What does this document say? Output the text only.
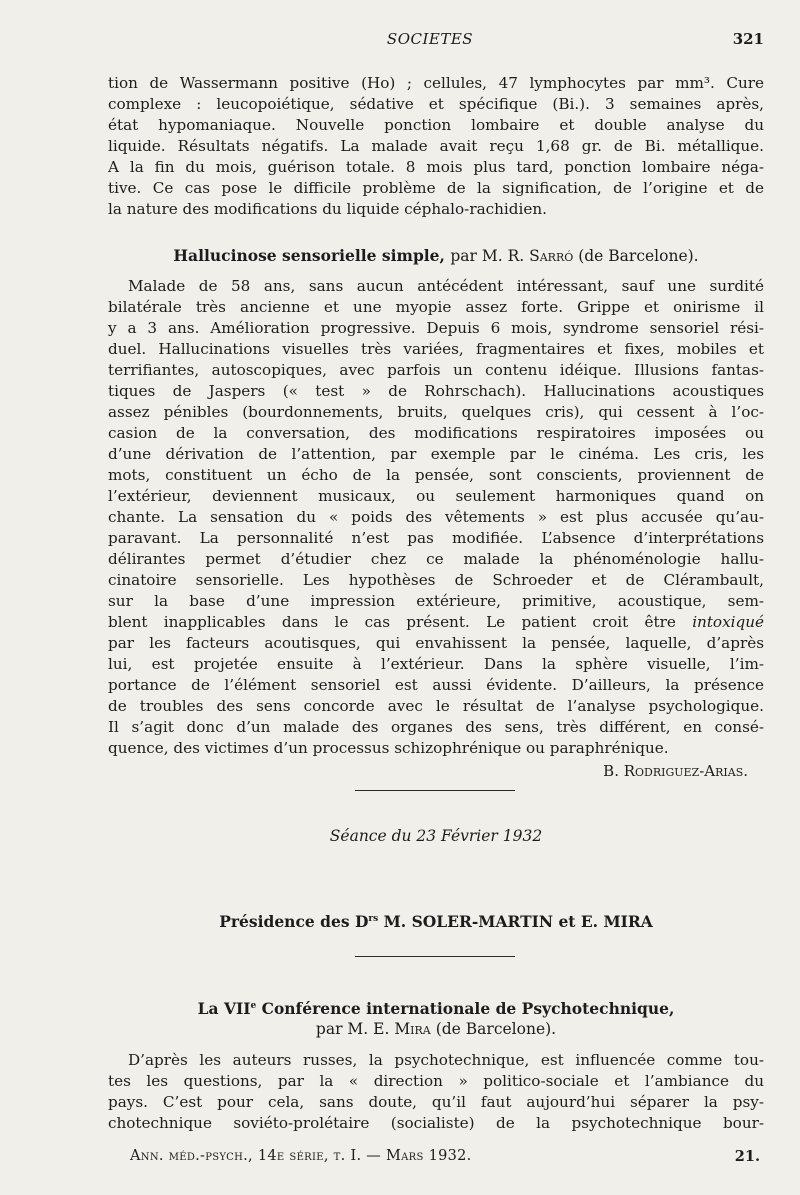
SOCIETES	321

tion de Wassermann positive (Ho) ; cellules, 47 lymphocytes par mm³. Cure
complexe : leucopoiétique, sédative et spécifique (Bi.). 3 semaines après,
état hypomaniaque. Nouvelle ponction lombaire et double analyse du
liquide. Résultats négatifs. La malade avait reçu 1,68 gr. de Bi. métallique.
A la fin du mois, guérison totale. 8 mois plus tard, ponction lombaire néga-
tive. Ce cas pose le difficile problème de la signification, de l’origine et de
la nature des modifications du liquide céphalo-rachidien.

Hallucinose sensorielle simple, par M. R. Sarró (de Barcelone).

Malade de 58 ans, sans aucun antécédent intéressant, sauf une surdité
bilatérale très ancienne et une myopie assez forte. Grippe et onirisme il
y a 3 ans. Amélioration progressive. Depuis 6 mois, syndrome sensoriel rési-
duel. Hallucinations visuelles très variées, fragmentaires et fixes, mobiles et
terrifiantes, autoscopiques, avec parfois un contenu idéique. Illusions fantas-
tiques de Jaspers (« test » de Rohrschach). Hallucinations acoustiques
assez pénibles (bourdonnements, bruits, quelques cris), qui cessent à l’oc-
casion de la conversation, des modifications respiratoires imposées ou
d’une dérivation de l’attention, par exemple par le cinéma. Les cris, les
mots, constituent un écho de la pensée, sont conscients, proviennent de
l’extérieur, deviennent musicaux, ou seulement harmoniques quand on
chante. La sensation du « poids des vêtements » est plus accusée qu’au-
paravant. La personnalité n’est pas modifiée. L’absence d’interprétations
délirantes permet d’étudier chez ce malade la phénoménologie hallu-
cinatoire sensorielle. Les hypothèses de Schroeder et de Clérambault,
sur la base d’une impression extérieure, primitive, acoustique, sem-
blent inapplicables dans le cas présent. Le patient croit être intoxiqué
par les facteurs acoutisques, qui envahissent la pensée, laquelle, d’après
lui, est projetée ensuite à l’extérieur. Dans la sphère visuelle, l’im-
portance de l’élément sensoriel est aussi évidente. D’ailleurs, la présence
de troubles des sens concorde avec le résultat de l’analyse psychologique.
Il s’agit donc d’un malade des organes des sens, très différent, en consé-
quence, des victimes d’un processus schizophrénique ou paraphrénique.

B. Rodriguez-Arias.
Séance du 23 Février 1932
Présidence des $D^{rs}$ M. SOLER-MARTIN et E. MIRA
La VIIe Conférence internationale de Psychotechnique,
par M. E. Mira (de Barcelone).

D’après les auteurs russes, la psychotechnique, est influencée comme tou-
tes les questions, par la « direction » politico-sociale et l’ambiance du
pays. C’est pour cela, sans doute, qu’il faut aujourd’hui séparer la psy-
chotechnique soviéto-prolétaire (socialiste) de la psychotechnique bour-

Ann. méd.-psych., 14e série, t. I. — Mars 1932.	21.
